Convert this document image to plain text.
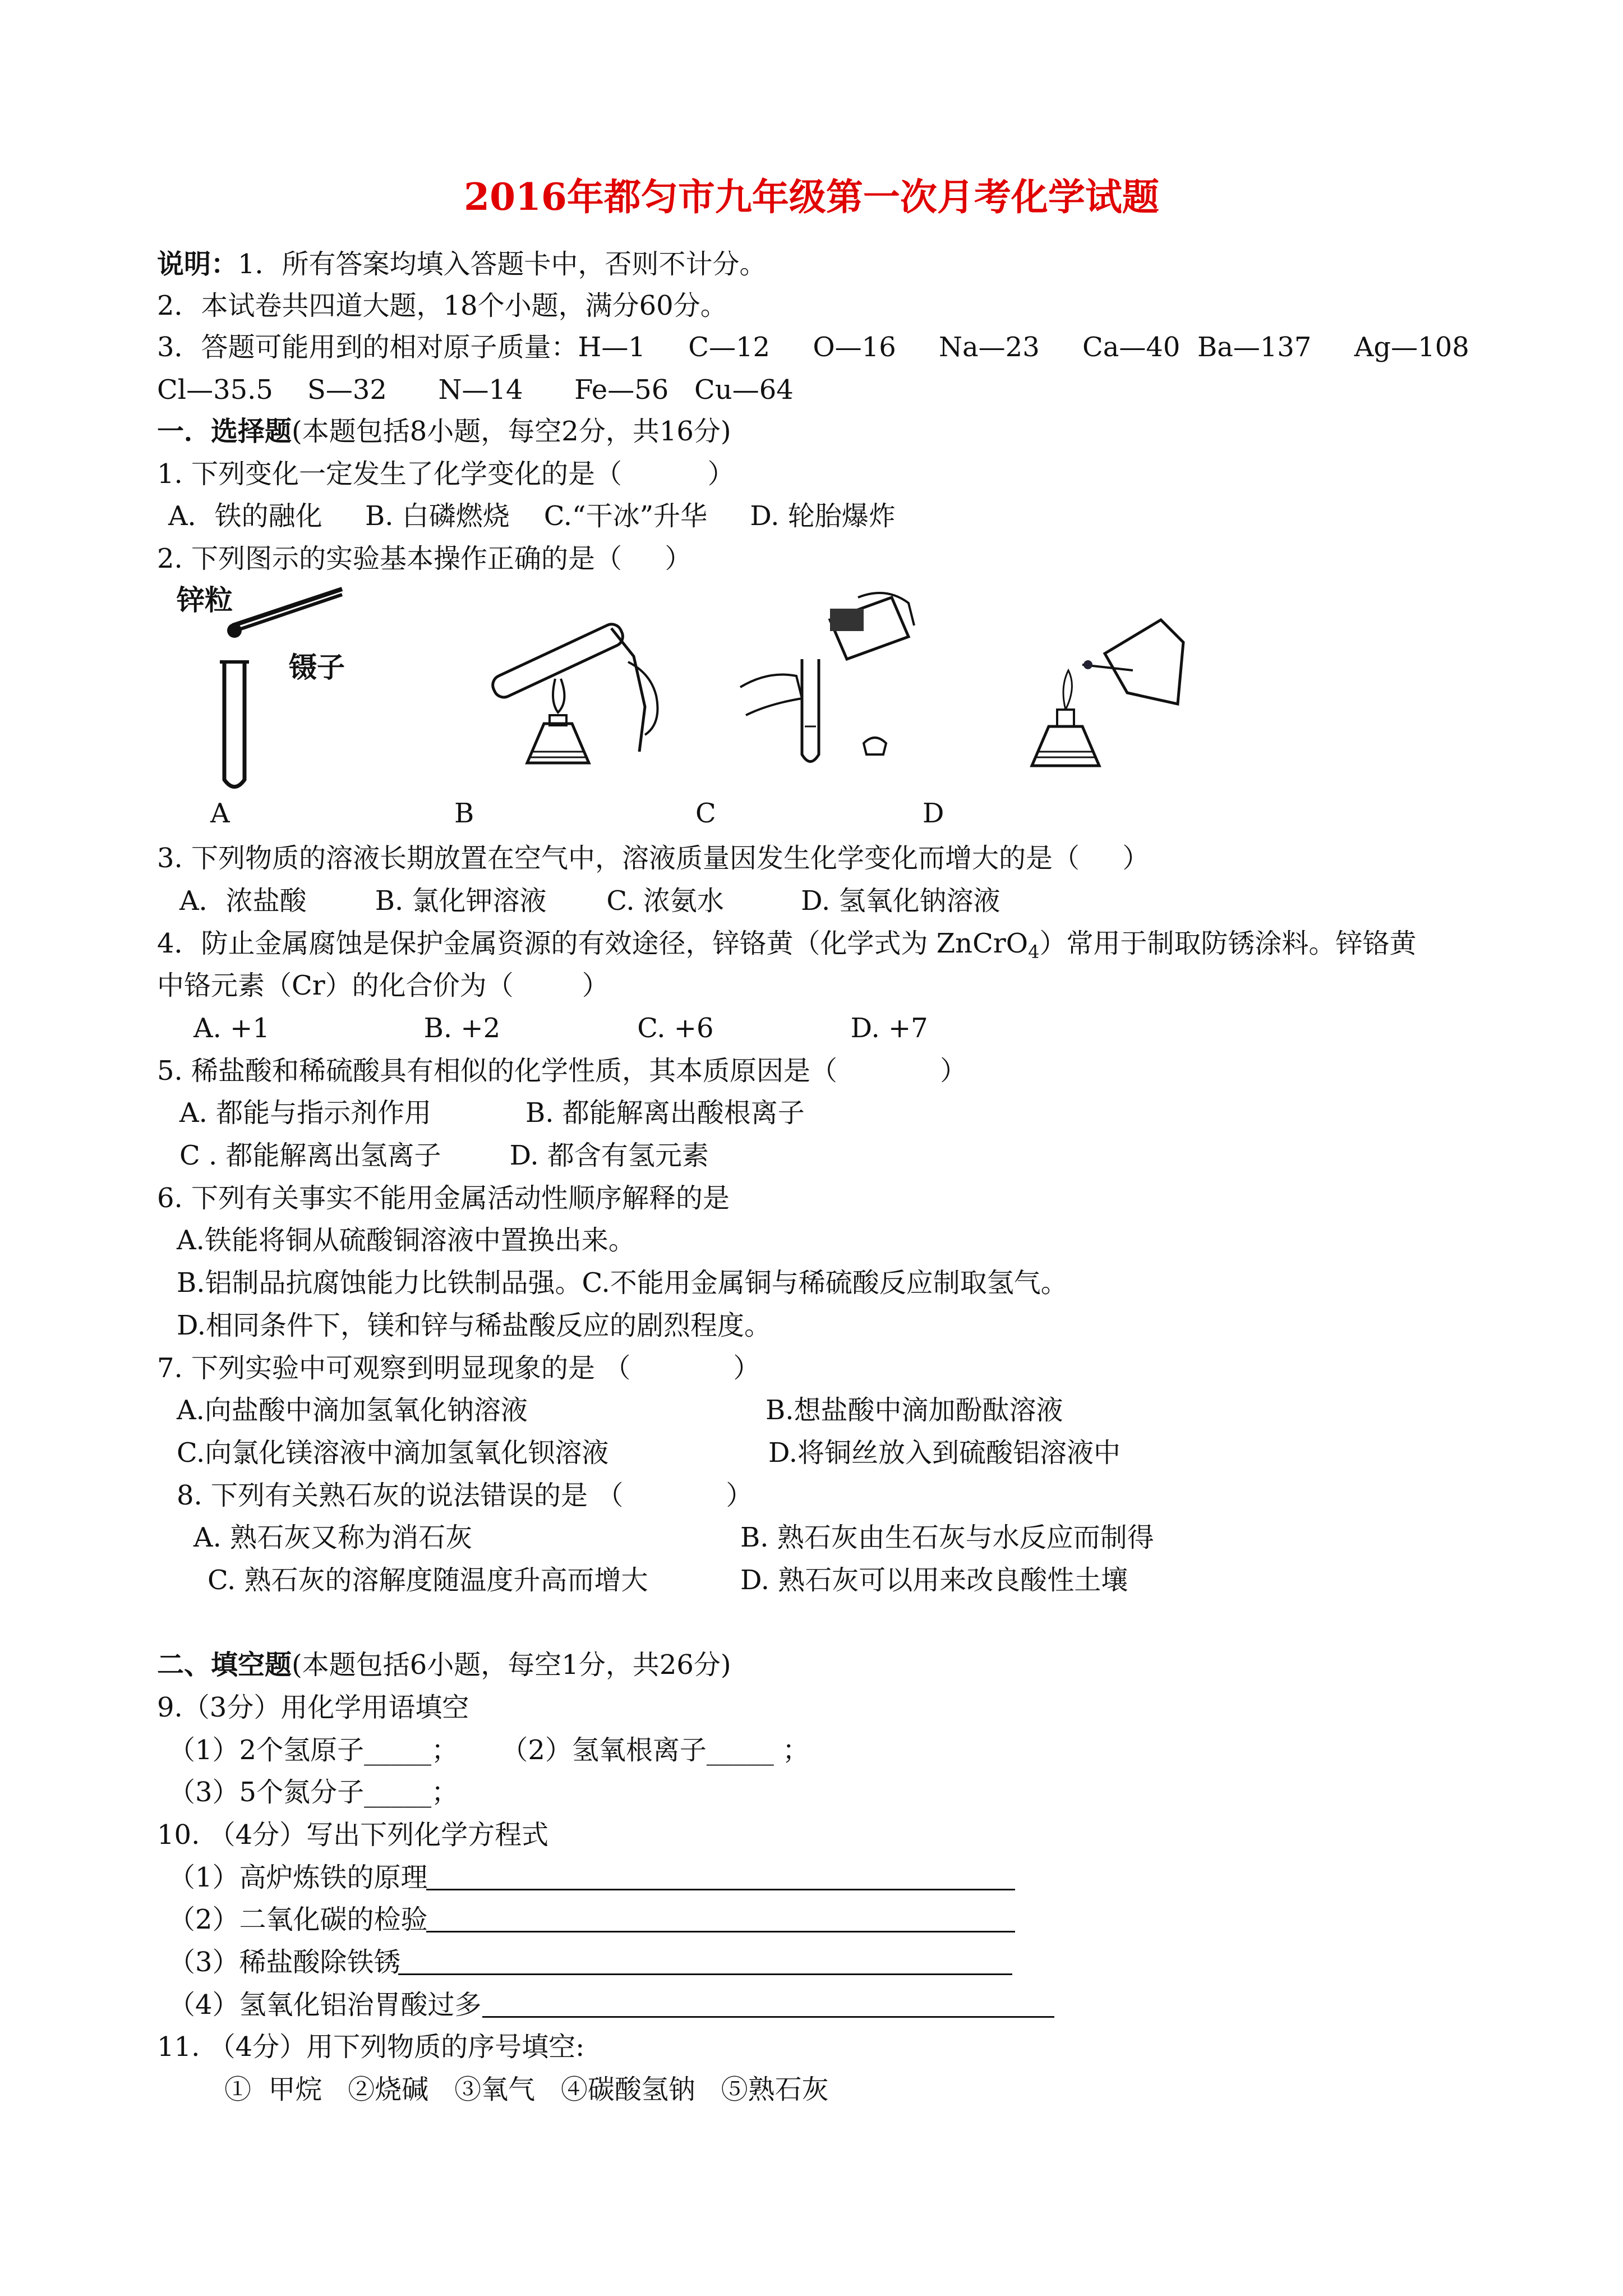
2016年都匀市九年级第一次月考化学试题
说明：1．所有答案均填入答题卡中，否则不计分。
2．本试卷共四道大题，18个小题，满分60分。
3．答题可能用到的相对原子质量：H—1     C—12     O—16     Na—23     Ca—40  Ba—137     Ag—108
Cl—35.5    S—32      N—14      Fe—56   Cu—64
一．选择题(本题包括8小题，每空2分，共16分)
1. 下列变化一定发生了化学变化的是（          ）
A．铁的融化     B. 白磷燃烧    C.“干冰”升华     D. 轮胎爆炸
2. 下列图示的实验基本操作正确的是（     ）
锌粒
镊子
A	B	C	D
3. 下列物质的溶液长期放置在空气中，溶液质量因发生化学变化而增大的是（     ）
A．浓盐酸        B. 氯化钾溶液       C. 浓氨水         D. 氢氧化钠溶液
4．防止金属腐蚀是保护金属资源的有效途径，锌铬黄（化学式为 ZnCrO$_4$）常用于制取防锈涂料。锌铬黄
中铬元素（Cr）的化合价为（        ）
A. +1                  B. +2                C. +6                D. +7
5. 稀盐酸和稀硫酸具有相似的化学性质，其本质原因是（            ）
A. 都能与指示剂作用           B. 都能解离出酸根离子
C . 都能解离出氢离子        D. 都含有氢元素
6. 下列有关事实不能用金属活动性顺序解释的是
A.铁能将铜从硫酸铜溶液中置换出来。
B.铝制品抗腐蚀能力比铁制品强。C.不能用金属铜与稀硫酸反应制取氢气。
D.相同条件下，镁和锌与稀盐酸反应的剧烈程度。
7. 下列实验中可观察到明显现象的是 （            ）
A.向盐酸中滴加氢氧化钠溶液	B.想盐酸中滴加酚酞溶液
C.向氯化镁溶液中滴加氢氧化钡溶液	D.将铜丝放入到硫酸铝溶液中
8. 下列有关熟石灰的说法错误的是 （            ）
A. 熟石灰又称为消石灰	B. 熟石灰由生石灰与水反应而制得
C. 熟石灰的溶解度随温度升高而增大	D. 熟石灰可以用来改良酸性土壤
二、填空题(本题包括6小题，每空1分，共26分)
9.（3分）用化学用语填空
（1）2个氢原子_____；     （2）氢氧根离子_____ ；
（3）5个氮分子_____；
10. （4分）写出下列化学方程式
（1）高炉炼铁的原理
（2）二氧化碳的检验
（3）稀盐酸除铁锈
（4）氢氧化铝治胃酸过多
11. （4分）用下列物质的序号填空:
①  甲烷   ②烧碱   ③氧气   ④碳酸氢钠   ⑤熟石灰
